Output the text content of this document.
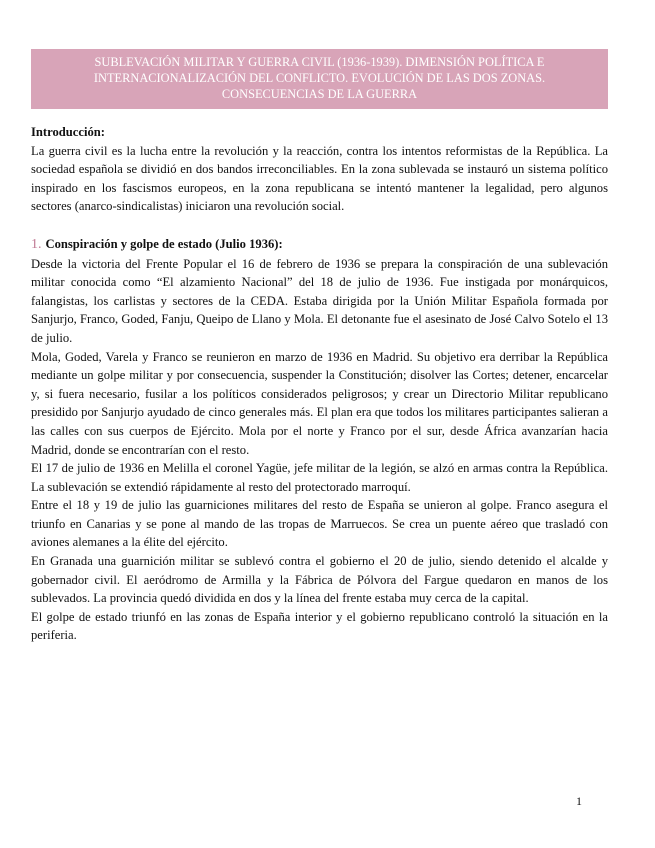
SUBLEVACIÓN MILITAR Y GUERRA CIVIL (1936-1939). DIMENSIÓN POLÍTICA E
INTERNACIONALIZACIÓN DEL CONFLICTO. EVOLUCIÓN DE LAS DOS ZONAS.
CONSECUENCIAS DE LA GUERRA

Introducción:

La guerra civil es la lucha entre la revolución y la reacción, contra los intentos reformistas de la República. La sociedad española se dividió en dos bandos irreconciliables. En la zona sublevada se instauró un sistema político inspirado en los fascismos europeos, en la zona republicana se intentó mantener la legalidad, pero algunos sectores (anarco-sindicalistas) iniciaron una revolución social.

1. Conspiración y golpe de estado (Julio 1936):

Desde la victoria del Frente Popular el 16 de febrero de 1936 se prepara la conspiración de una sublevación militar conocida como “El alzamiento Nacional” del 18 de julio de 1936. Fue instigada por monárquicos, falangistas, los carlistas y sectores de la CEDA. Estaba dirigida por la Unión Militar Española formada por Sanjurjo, Franco, Goded, Fanju, Queipo de Llano y Mola. El detonante fue el asesinato de José Calvo Sotelo el 13 de julio.

Mola, Goded, Varela y Franco se reunieron en marzo de 1936 en Madrid. Su objetivo era derribar la República mediante un golpe militar y por consecuencia, suspender la Constitución; disolver las Cortes; detener, encarcelar y, si fuera necesario, fusilar a los políticos considerados peligrosos; y crear un Directorio Militar republicano presidido por Sanjurjo ayudado de cinco generales más. El plan era que todos los militares participantes salieran a las calles con sus cuerpos de Ejército. Mola por el norte y Franco por el sur, desde África avanzarían hacia Madrid, donde se encontrarían con el resto.

El 17 de julio de 1936 en Melilla el coronel Yagüe, jefe militar de la legión, se alzó en armas contra la República. La sublevación se extendió rápidamente al resto del protectorado marroquí.

Entre el 18 y 19 de julio las guarniciones militares del resto de España se unieron al golpe. Franco asegura el triunfo en Canarias y se pone al mando de las tropas de Marruecos. Se crea un puente aéreo que trasladó con aviones alemanes a la élite del ejército.

En Granada una guarnición militar se sublevó contra el gobierno el 20 de julio, siendo detenido el alcalde y gobernador civil. El aeródromo de Armilla y la Fábrica de Pólvora del Fargue quedaron en manos de los sublevados. La provincia quedó dividida en dos y la línea del frente estaba muy cerca de la capital.

El golpe de estado triunfó en las zonas de España interior y el gobierno republicano controló la situación en la periferia.

1
